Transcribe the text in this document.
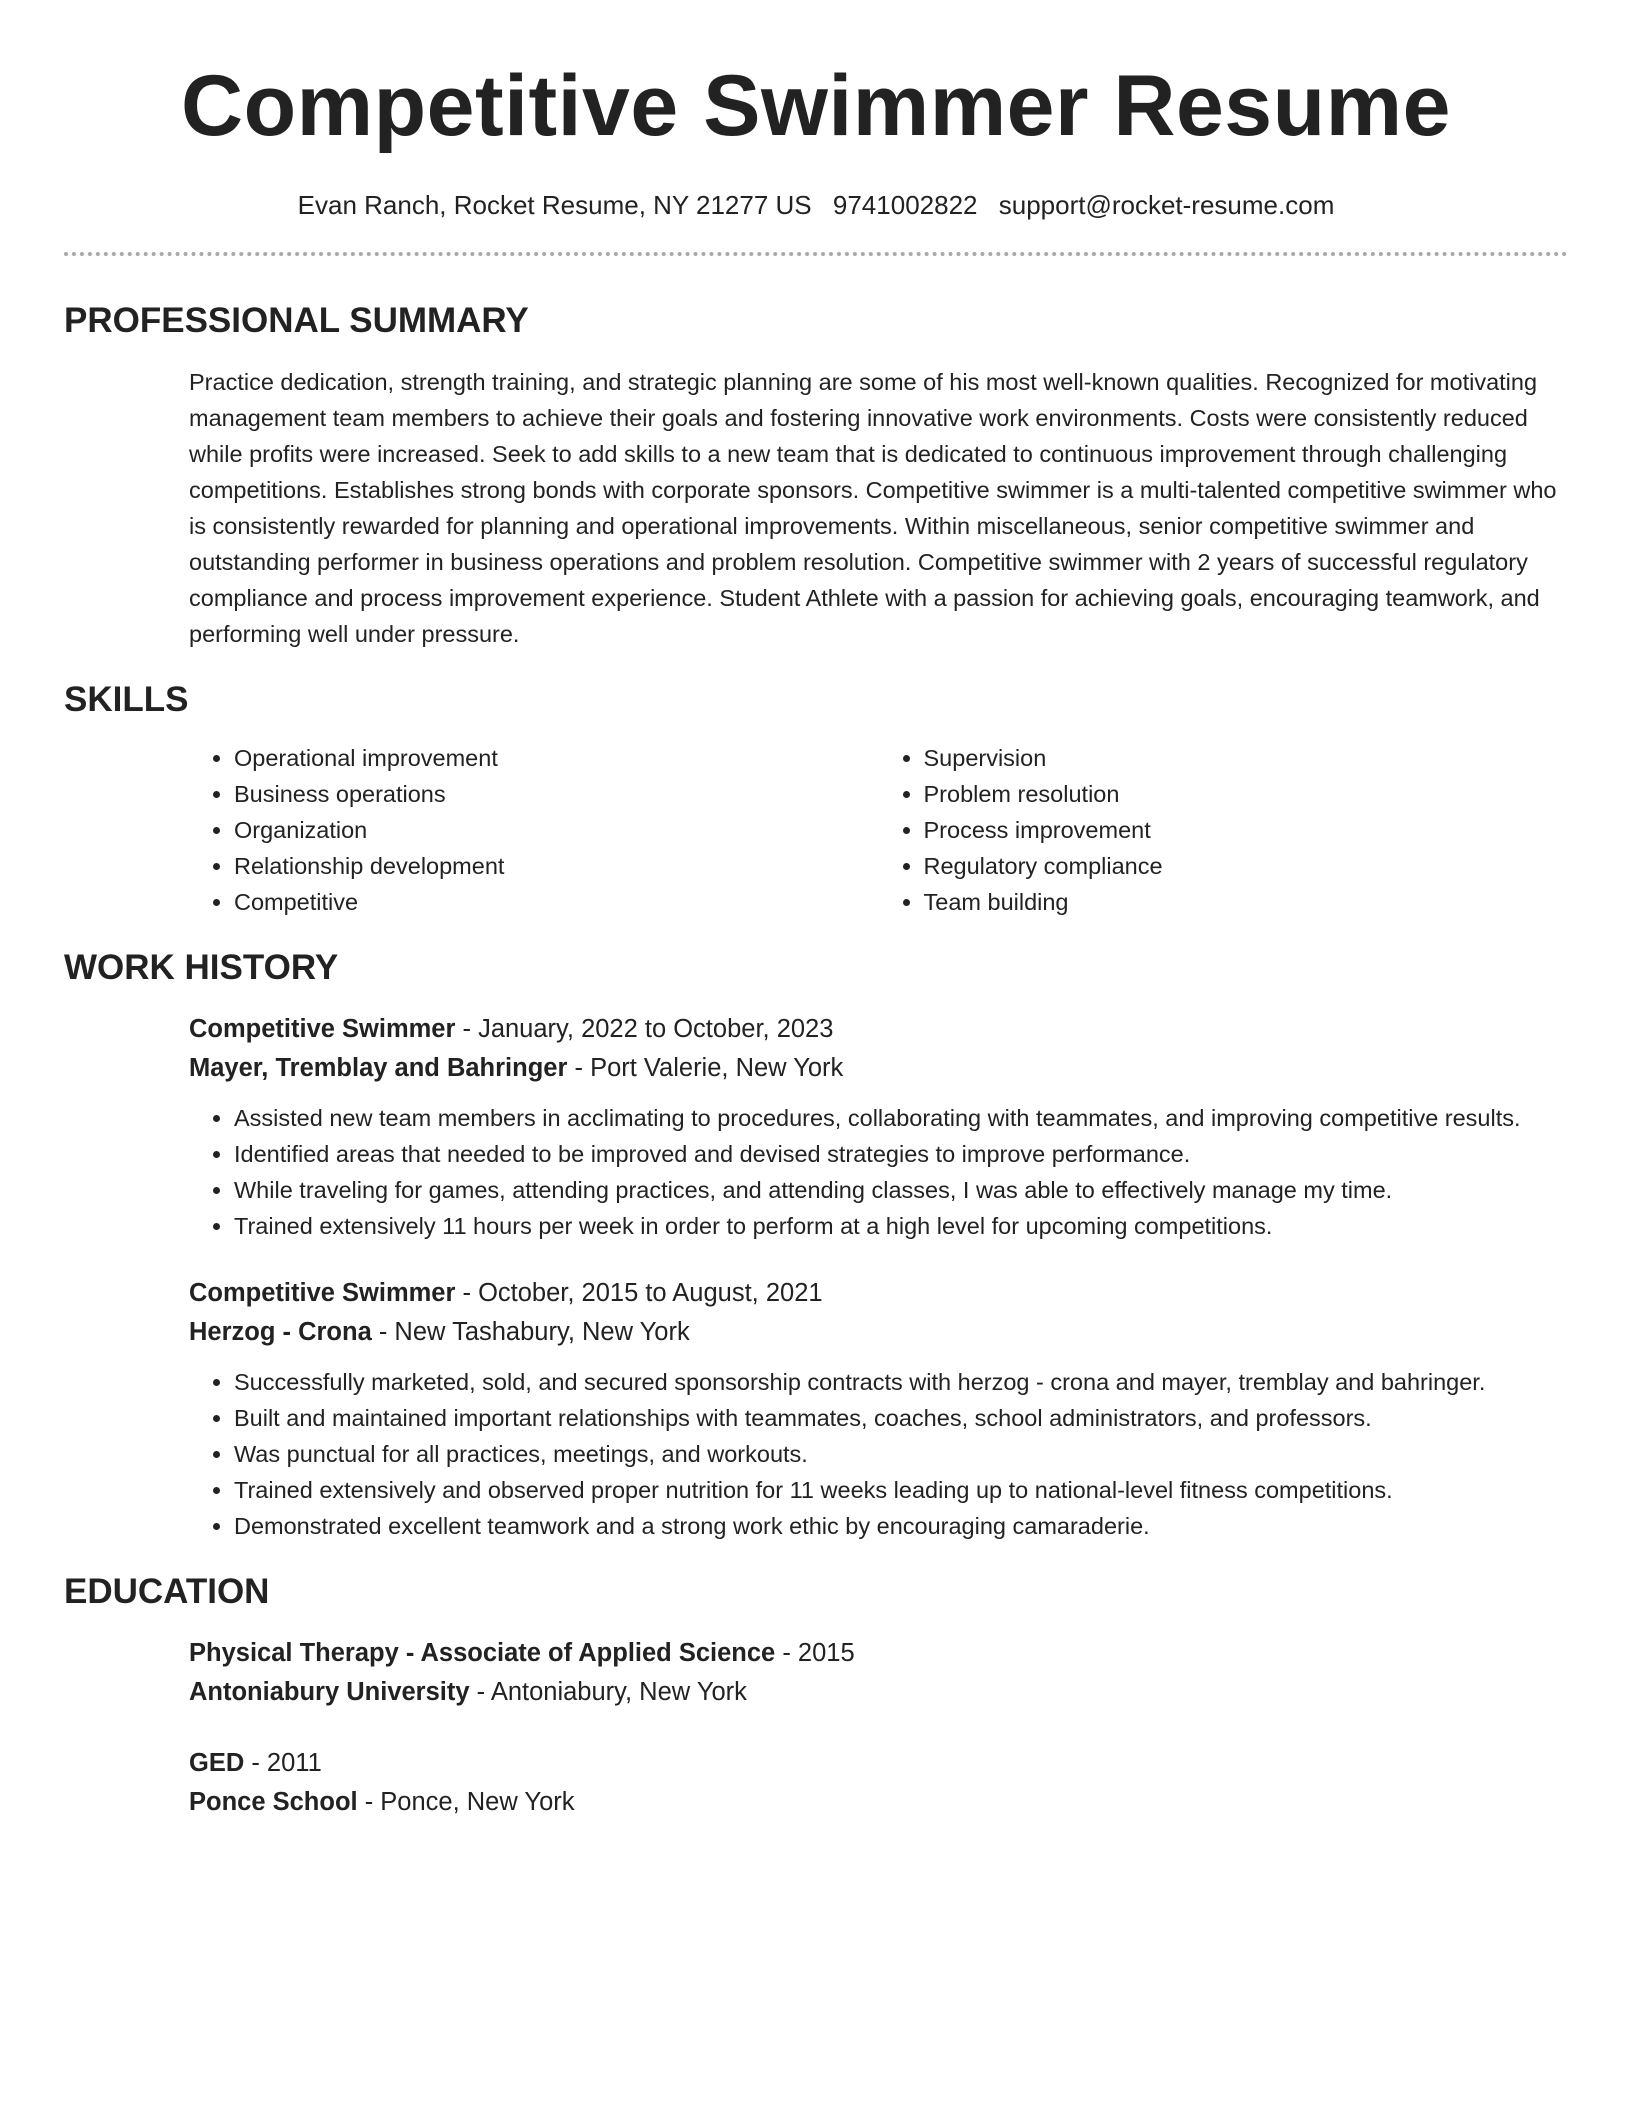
Competitive Swimmer Resume
Evan Ranch, Rocket Resume, NY 21277 US 9741002822 support@rocket-resume.com
PROFESSIONAL SUMMARY

Practice dedication, strength training, and strategic planning are some of his most well-known qualities. Recognized for motivating management team members to achieve their goals and fostering innovative work environments. Costs were consistently reduced while profits were increased. Seek to add skills to a new team that is dedicated to continuous improvement through challenging competitions. Establishes strong bonds with corporate sponsors. Competitive swimmer is a multi-talented competitive swimmer who is consistently rewarded for planning and operational improvements. Within miscellaneous, senior competitive swimmer and outstanding performer in business operations and problem resolution. Competitive swimmer with 2 years of successful regulatory compliance and process improvement experience. Student Athlete with a passion for achieving goals, encouraging teamwork, and performing well under pressure.

SKILLS
• Operational improvement
• Business operations
• Organization
• Relationship development
• Competitive
• Supervision
• Problem resolution
• Process improvement
• Regulatory compliance
• Team building
WORK HISTORY
Competitive Swimmer - January, 2022 to October, 2023
Mayer, Tremblay and Bahringer - Port Valerie, New York
• Assisted new team members in acclimating to procedures, collaborating with teammates, and improving competitive results.
• Identified areas that needed to be improved and devised strategies to improve performance.
• While traveling for games, attending practices, and attending classes, I was able to effectively manage my time.
• Trained extensively 11 hours per week in order to perform at a high level for upcoming competitions.
Competitive Swimmer - October, 2015 to August, 2021
Herzog - Crona - New Tashabury, New York
• Successfully marketed, sold, and secured sponsorship contracts with herzog - crona and mayer, tremblay and bahringer.
• Built and maintained important relationships with teammates, coaches, school administrators, and professors.
• Was punctual for all practices, meetings, and workouts.
• Trained extensively and observed proper nutrition for 11 weeks leading up to national-level fitness competitions.
• Demonstrated excellent teamwork and a strong work ethic by encouraging camaraderie.
EDUCATION
Physical Therapy - Associate of Applied Science - 2015
Antoniabury University - Antoniabury, New York
GED - 2011
Ponce School - Ponce, New York
